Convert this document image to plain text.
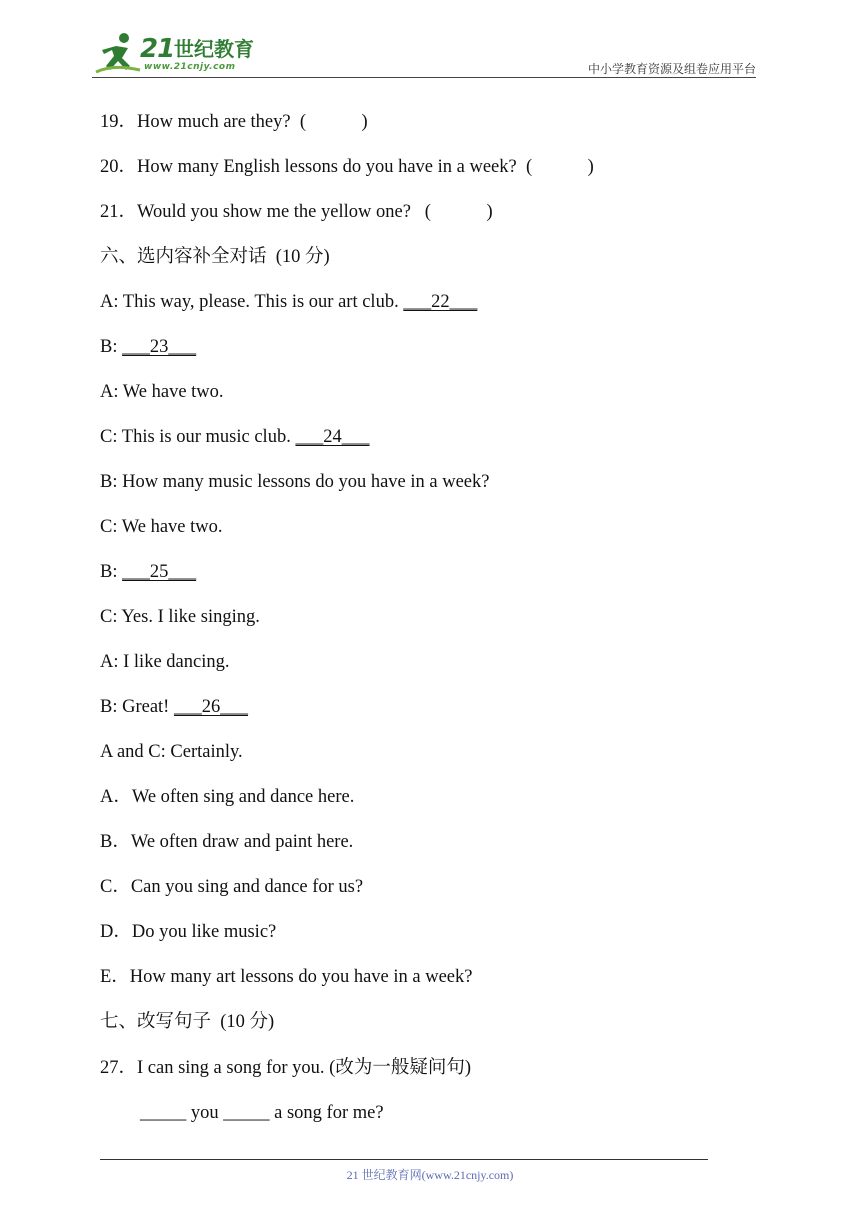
21 世纪教育
www.21cnjy.com	中小学教育资源及组卷应用平台
19．How much are they?  (            )
20．How many English lessons do you have in a week?  (            )
21．Would you show me the yellow one?   (            )
六、选内容补全对话  (10 分)
A: This way, please. This is our art club. ___22___
B: ___23___
A: We have two.
C: This is our music club. ___24___
B: How many music lessons do you have in a week?
C: We have two.
B: ___25___
C: Yes. I like singing.
A: I like dancing.
B: Great! ___26___
A and C: Certainly.
A．We often sing and dance here.
B．We often draw and paint here.
C．Can you sing and dance for us?
D．Do you like music?
E．How many art lessons do you have in a week?
七、改写句子  (10 分)
27．I can sing a song for you. (改为一般疑问句)
_____ you _____ a song for me?
21 世纪教育网(www.21cnjy.com)
